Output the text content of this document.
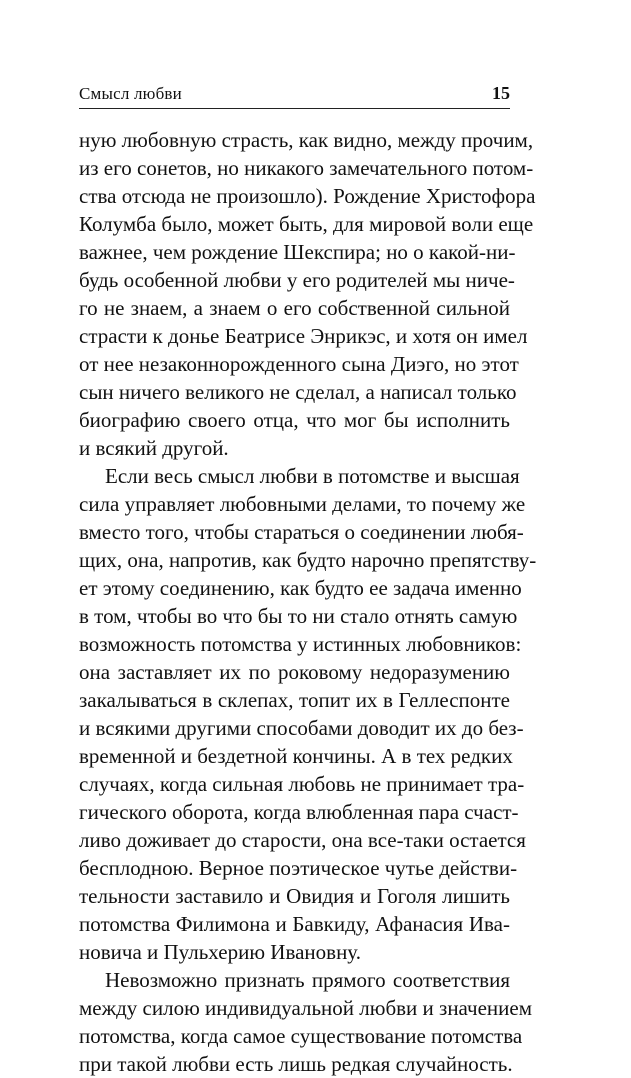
Смысл любви	15
ную любовную страсть, как видно, между прочим,
из его сонетов, но никакого замечательного потом-
ства отсюда не произошло). Рождение Христофора
Колумба было, может быть, для мировой воли еще
важнее, чем рождение Шекспира; но о какой-ни-
будь особенной любви у его родителей мы ниче-
го не знаем, а знаем о его собственной сильной
страсти к донье Беатрисе Энрикэс, и хотя он имел
от нее незаконнорожденного сына Диэго, но этот
сын ничего великого не сделал, а написал только
биографию своего отца, что мог бы исполнить
и всякий другой.
Если весь смысл любви в потомстве и высшая
сила управляет любовными делами, то почему же
вместо того, чтобы стараться о соединении любя-
щих, она, напротив, как будто нарочно препятству-
ет этому соединению, как будто ее задача именно
в том, чтобы во что бы то ни стало отнять самую
возможность потомства у истинных любовников:
она заставляет их по роковому недоразумению
закалываться в склепах, топит их в Геллеспонте
и всякими другими способами доводит их до без-
временной и бездетной кончины. А в тех редких
случаях, когда сильная любовь не принимает тра-
гического оборота, когда влюбленная пара счаст-
ливо доживает до старости, она все-таки остается
бесплодною. Верное поэтическое чутье действи-
тельности заставило и Овидия и Гоголя лишить
потомства Филимона и Бавкиду, Афанасия Ива-
новича и Пульхерию Ивановну.
Невозможно признать прямого соответствия
между силою индивидуальной любви и значением
потомства, когда самое существование потомства
при такой любви есть лишь редкая случайность.
